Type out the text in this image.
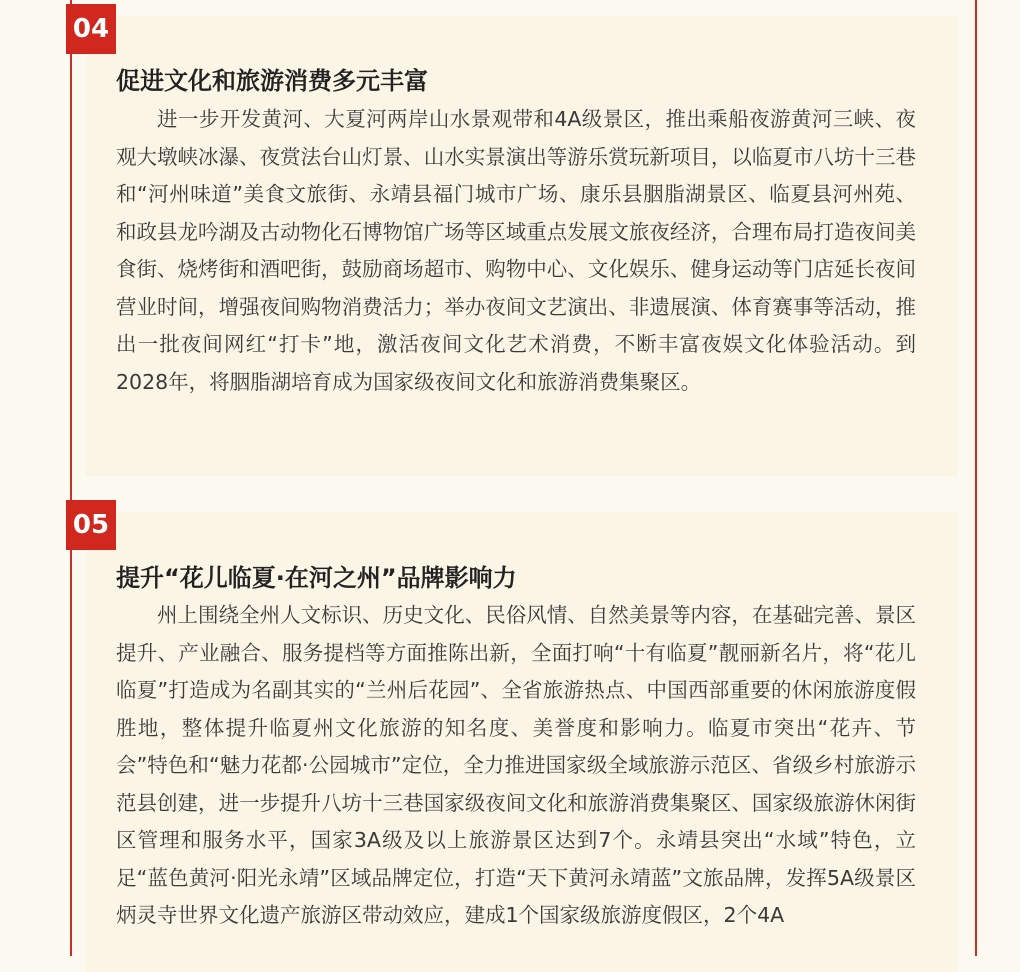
04
促进文化和旅游消费多元丰富
进一步开发黄河、大夏河两岸山水景观带和4A级景区，推出乘船夜游黄河三峡、夜观大墩峡冰瀑、夜赏法台山灯景、山水实景演出等游乐赏玩新项目，以临夏市八坊十三巷和“河州味道”美食文旅街、永靖县福门城市广场、康乐县胭脂湖景区、临夏县河州苑、和政县龙吟湖及古动物化石博物馆广场等区域重点发展文旅夜经济，合理布局打造夜间美食街、烧烤街和酒吧街，鼓励商场超市、购物中心、文化娱乐、健身运动等门店延长夜间营业时间，增强夜间购物消费活力；举办夜间文艺演出、非遗展演、体育赛事等活动，推出一批夜间网红“打卡”地，激活夜间文化艺术消费，不断丰富夜娱文化体验活动。到2028年，将胭脂湖培育成为国家级夜间文化和旅游消费集聚区。
05
提升“花儿临夏·在河之州”品牌影响力
州上围绕全州人文标识、历史文化、民俗风情、自然美景等内容，在基础完善、景区提升、产业融合、服务提档等方面推陈出新，全面打响“十有临夏”靓丽新名片，将“花儿临夏”打造成为名副其实的“兰州后花园”、全省旅游热点、中国西部重要的休闲旅游度假胜地，整体提升临夏州文化旅游的知名度、美誉度和影响力。临夏市突出“花卉、节会”特色和“魅力花都·公园城市”定位，全力推进国家级全域旅游示范区、省级乡村旅游示范县创建，进一步提升八坊十三巷国家级夜间文化和旅游消费集聚区、国家级旅游休闲街区管理和服务水平，国家3A级及以上旅游景区达到7个。永靖县突出“水域”特色，立足“蓝色黄河·阳光永靖”区域品牌定位，打造“天下黄河永靖蓝”文旅品牌，发挥5A级景区炳灵寺世界文化遗产旅游区带动效应，建成1个国家级旅游度假区，2个4A
